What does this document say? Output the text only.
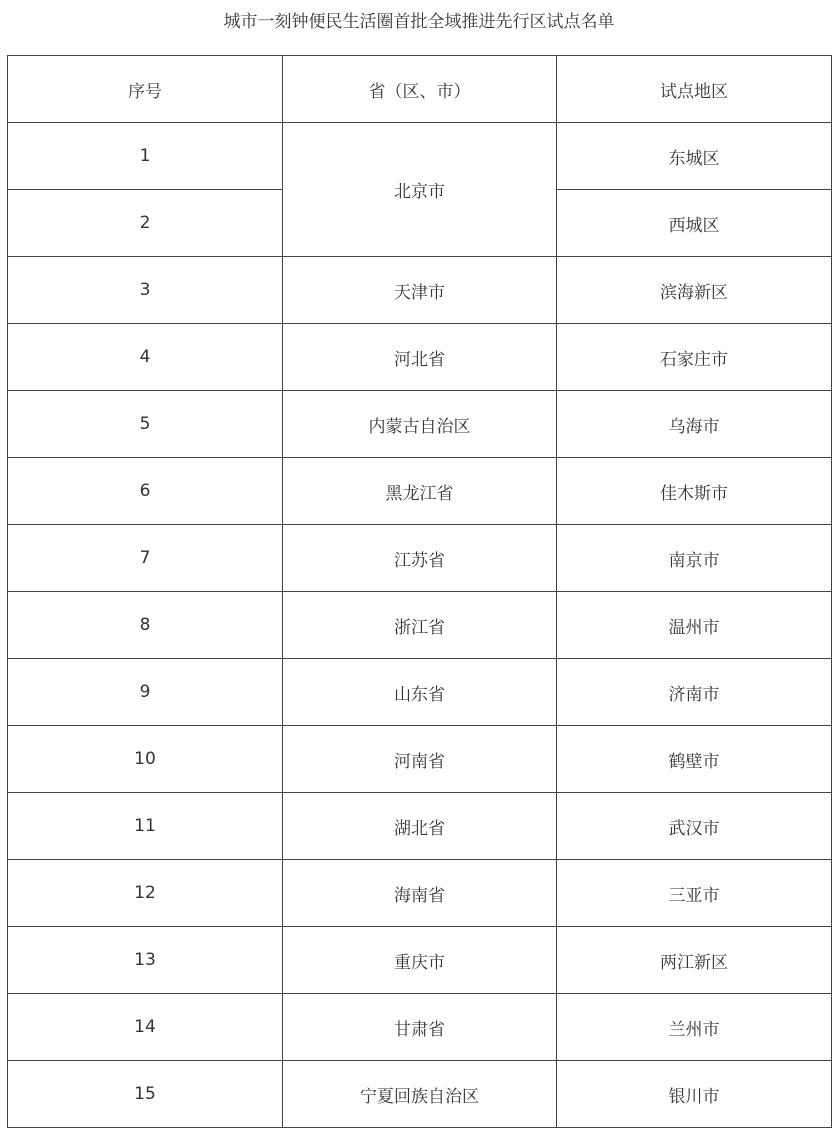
城市一刻钟便民生活圈首批全域推进先行区试点名单
序号	省（区、市）	试点地区
1	北京市	东城区
2		西城区
3	天津市	滨海新区
4	河北省	石家庄市
5	内蒙古自治区	乌海市
6	黑龙江省	佳木斯市
7	江苏省	南京市
8	浙江省	温州市
9	山东省	济南市
10	河南省	鹤壁市
11	湖北省	武汉市
12	海南省	三亚市
13	重庆市	两江新区
14	甘肃省	兰州市
15	宁夏回族自治区	银川市
